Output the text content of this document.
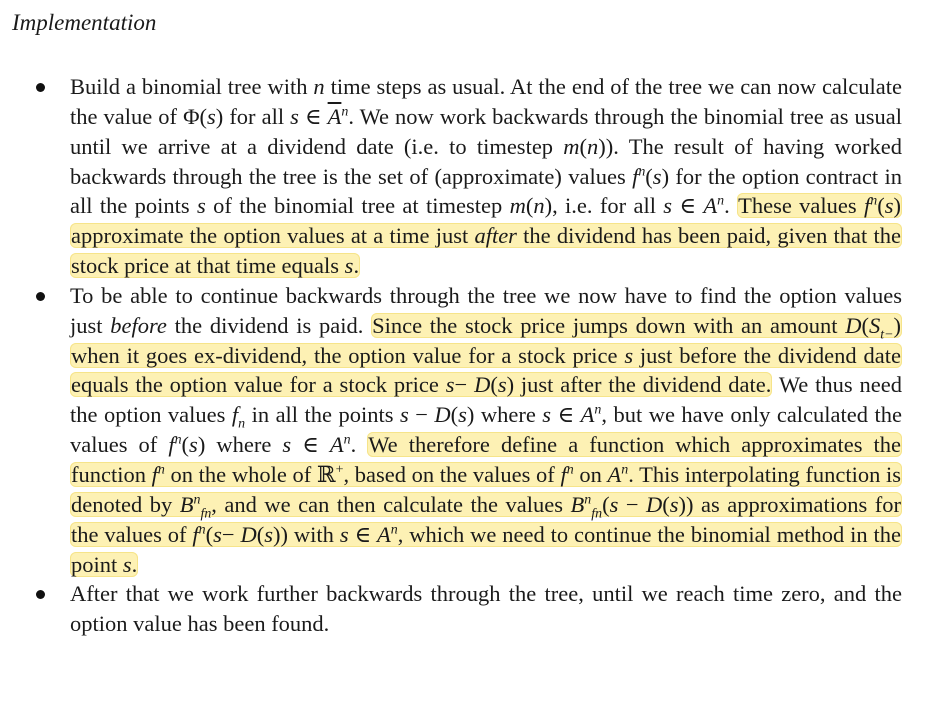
Implementation
Build a binomial tree with n time steps as usual. At the end of the tree we can now calculate the value of Φ(s) for all s ∈ $\overline{A}^n$. We now work backwards through the binomial tree as usual until we arrive at a dividend date (i.e. to timestep m(n)). The result of having worked backwards through the tree is the set of (approximate) values $f^n(s)$ for the option contract in all the points s of the binomial tree at timestep m(n), i.e. for all s ∈ $A^n$. These values $f^n(s)$ approximate the option values at a time just after the dividend has been paid, given that the stock price at that time equals s.
To be able to continue backwards through the tree we now have to find the option values just before the dividend is paid. Since the stock price jumps down with an amount $D(S_{t-})$ when it goes ex-dividend, the option value for a stock price s just before the dividend date equals the option value for a stock price s− D(s) just after the dividend date. We thus need the option values $f_n$ in all the points s − D(s) where s ∈ $A^n$, but we have only calculated the values of $f^n(s)$ where s ∈ $A^n$. We therefore define a function which approximates the function $f^n$ on the whole of ℝ+, based on the values of $f^n$ on $A^n$. This interpolating function is denoted by $B^n_{fn}$, and we can then calculate the values $B^n_{fn}(s - D(s))$ as approximations for the values of $f^n(s- D(s))$ with s ∈ $A^n$, which we need to continue the binomial method in the point s.
After that we work further backwards through the tree, until we reach time zero, and the option value has been found.
